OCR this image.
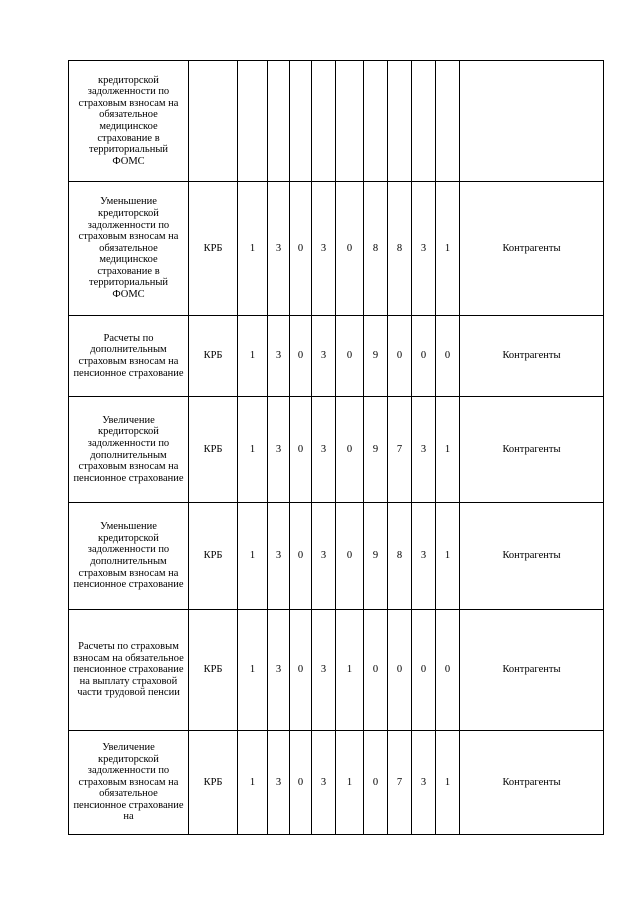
кредиторской задолженности по страховым взносам на обязательное медицинское страхование в территориальный ФОМС											
Уменьшение кредиторской задолженности по страховым взносам на обязательное медицинское страхование в территориальный ФОМС	КРБ	1	3	0	3	0	8	8	3	1	Контрагенты
Расчеты по дополнительным страховым взносам на пенсионное страхование	КРБ	1	3	0	3	0	9	0	0	0	Контрагенты
Увеличение кредиторской задолженности по дополнительным страховым взносам на пенсионное страхование	КРБ	1	3	0	3	0	9	7	3	1	Контрагенты
Уменьшение кредиторской задолженности по дополнительным страховым взносам на пенсионное страхование	КРБ	1	3	0	3	0	9	8	3	1	Контрагенты
Расчеты по страховым взносам на обязательное пенсионное страхование на выплату страховой части трудовой пенсии	КРБ	1	3	0	3	1	0	0	0	0	Контрагенты
Увеличение кредиторской задолженности по страховым взносам на обязательное пенсионное страхование на	КРБ	1	3	0	3	1	0	7	3	1	Контрагенты
